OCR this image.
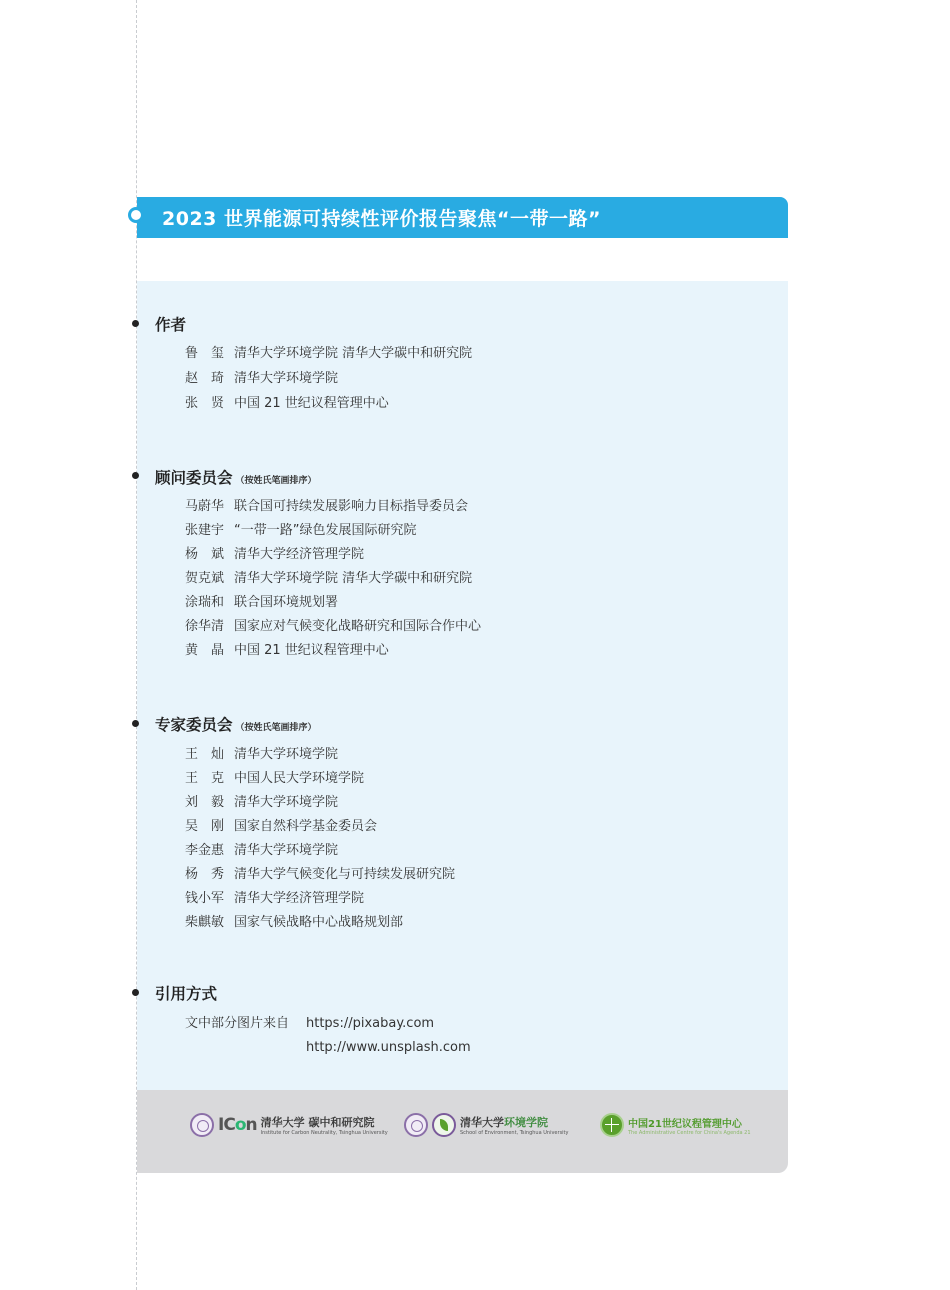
2023 世界能源可持续性评价报告聚焦“一带一路”
作者
鲁　玺 清华大学环境学院 清华大学碳中和研究院
赵　琦 清华大学环境学院
张　贤 中国 21 世纪议程管理中心
顾问委员会 （按姓氏笔画排序）
马蔚华 联合国可持续发展影响力目标指导委员会
张建宇 “一带一路”绿色发展国际研究院
杨　斌 清华大学经济管理学院
贺克斌 清华大学环境学院 清华大学碳中和研究院
涂瑞和 联合国环境规划署
徐华清 国家应对气候变化战略研究和国际合作中心
黄　晶 中国 21 世纪议程管理中心
专家委员会 （按姓氏笔画排序）
王　灿 清华大学环境学院
王　克 中国人民大学环境学院
刘　毅 清华大学环境学院
吴　刚 国家自然科学基金委员会
李金惠 清华大学环境学院
杨　秀 清华大学气候变化与可持续发展研究院
钱小军 清华大学经济管理学院
柴麒敏 国家气候战略中心战略规划部
引用方式
文中部分图片来自 https://pixabay.com
http://www.unsplash.com
ICon 清华大学 碳中和研究院
Institute for Carbon Neutrality, Tsinghua University
清华大学环境学院
School of Environment, Tsinghua University
中国21世纪议程管理中心
The Administrative Centre for China's Agenda 21
